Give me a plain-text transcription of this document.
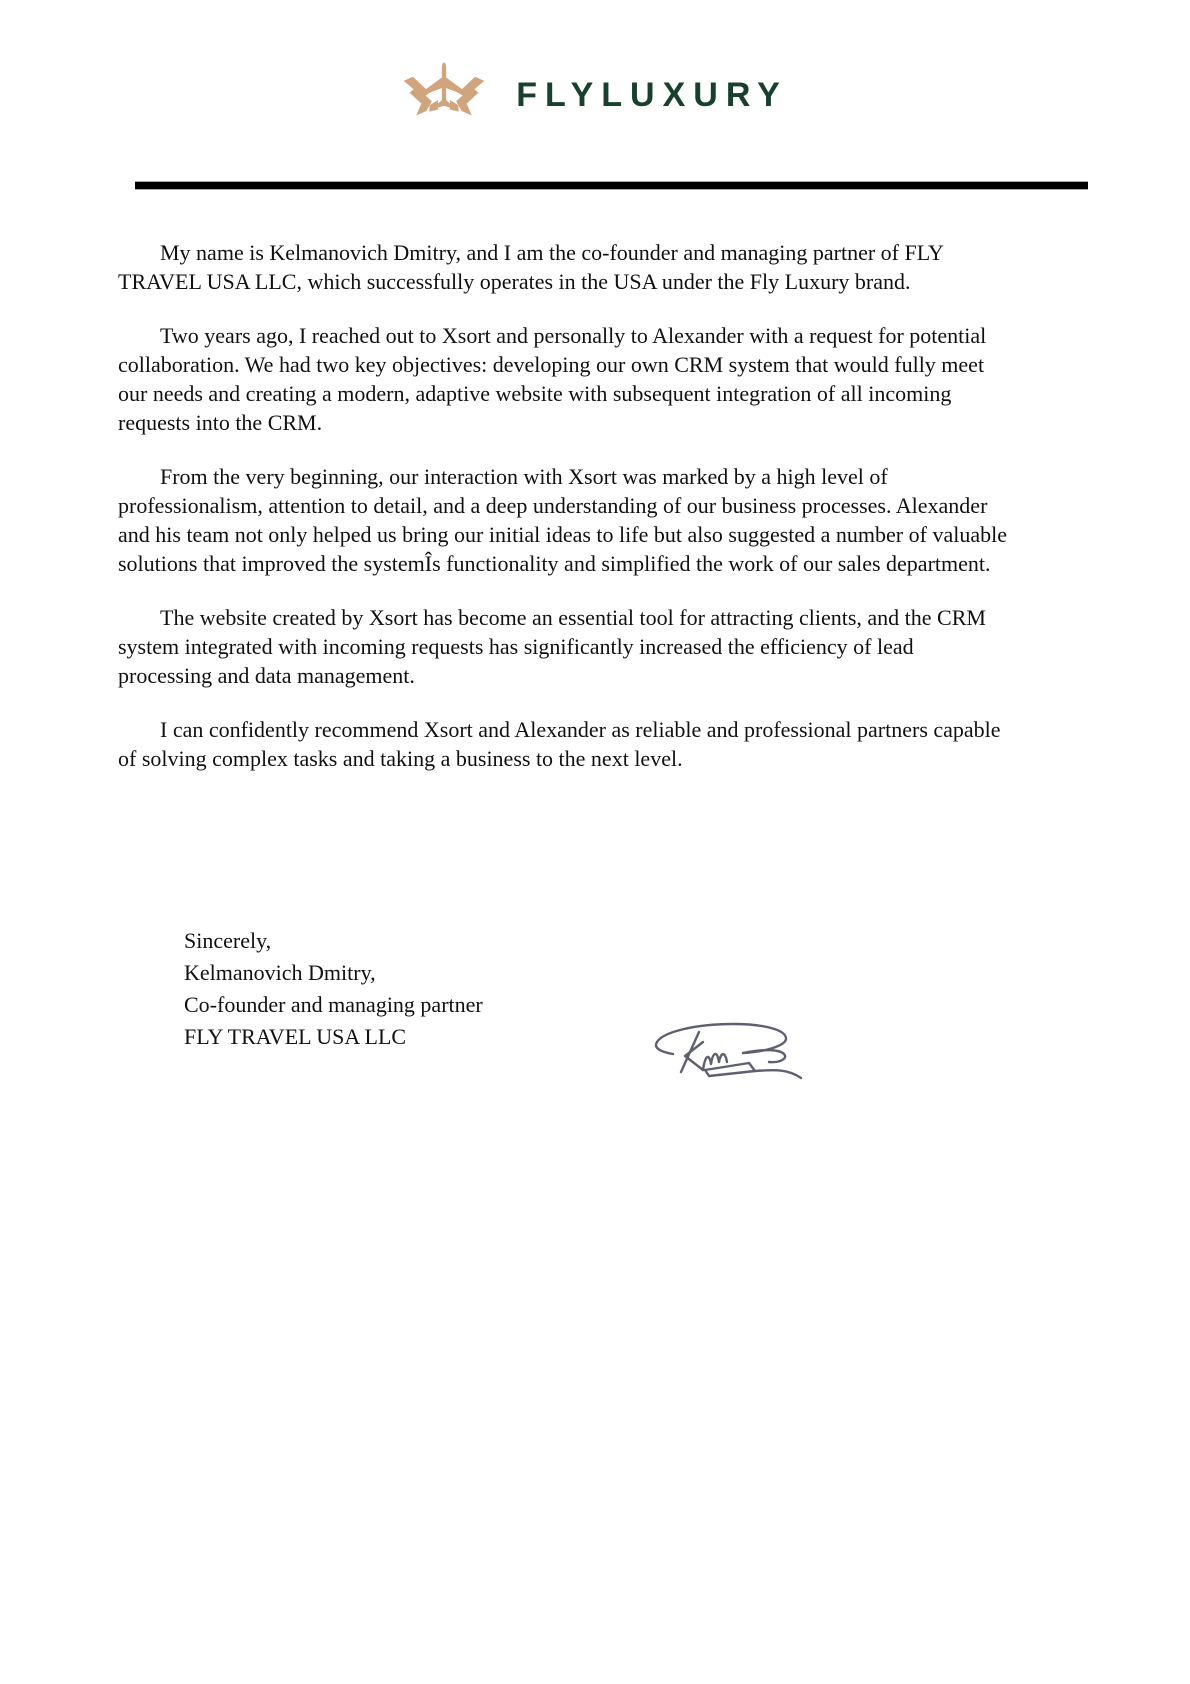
FLYLUXURY

My name is Kelmanovich Dmitry, and I am the co-founder and managing partner of FLY TRAVEL USA LLC, which successfully operates in the USA under the Fly Luxury brand.

Two years ago, I reached out to Xsort and personally to Alexander with a request for potential collaboration. We had two key objectives: developing our own CRM system that would fully meet our needs and creating a modern, adaptive website with subsequent integration of all incoming requests into the CRM.

From the very beginning, our interaction with Xsort was marked by a high level of professionalism, attention to detail, and a deep understanding of our business processes. Alexander and his team not only helped us bring our initial ideas to life but also suggested a number of valuable solutions that improved the systemÎs functionality and simplified the work of our sales department.

The website created by Xsort has become an essential tool for attracting clients, and the CRM system integrated with incoming requests has significantly increased the efficiency of lead processing and data management.

I can confidently recommend Xsort and Alexander as reliable and professional partners capable of solving complex tasks and taking a business to the next level.

Sincerely,
Kelmanovich Dmitry,
Co-founder and managing partner
FLY TRAVEL USA LLC
